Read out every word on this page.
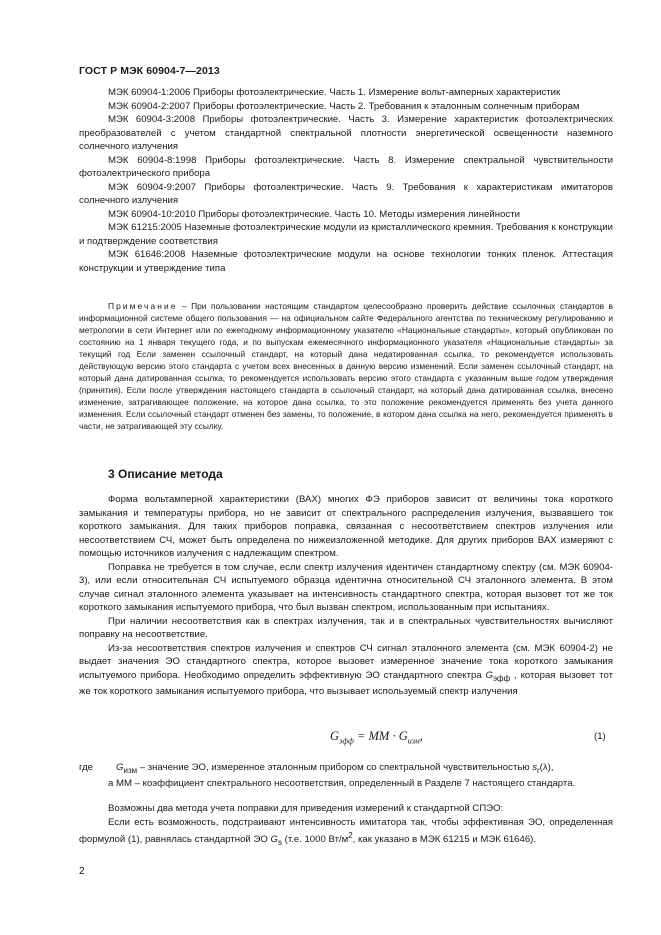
ГОСТ Р МЭК 60904-7—2013

МЭК 60904-1:2006 Приборы фотоэлектрические. Часть 1. Измерение вольт-амперных характеристик

МЭК 60904-2:2007 Приборы фотоэлектрические. Часть 2. Требования к эталонным солнечным приборам

МЭК 60904-3:2008 Приборы фотоэлектрические. Часть 3. Измерение характеристик фотоэлектрических преобразователей с учетом стандартной спектральной плотности энергетической освещенности наземного солнечного излучения

МЭК 60904-8:1998 Приборы фотоэлектрические. Часть 8. Измерение спектральной чувствительности фотоэлектрического прибора

МЭК 60904-9:2007 Приборы фотоэлектрические. Часть 9. Требования к характеристикам имитаторов солнечного излучения

МЭК 60904-10:2010 Приборы фотоэлектрические. Часть 10. Методы измерения линейности

МЭК 61215:2005 Наземные фотоэлектрические модули из кристаллического кремния. Требования к конструкции и подтверждение соответствия

МЭК 61646:2008 Наземные фотоэлектрические модули на основе технологии тонких пленок. Аттестация конструкции и утверждение типа

Примечание – При пользовании настоящим стандартом целесообразно проверить действие ссылочных стандартов в информационной системе общего пользования — на официальном сайте Федерального агентства по техническому регулированию и метрологии в сети Интернет или по ежегодному информационному указателю «Национальные стандарты», который опубликован по состоянию на 1 января текущего года, и по выпускам ежемесячного информационного указателя «Национальные стандарты» за текущий год Если заменен ссылочный стандарт, на который дана недатированная ссылка, то рекомендуется использовать действующую версию этого стандарта с учетом всех внесенных в данную версию изменений. Если заменен ссылочный стандарт, на который дана датированная ссылка, то рекомендуется использовать версию этого стандарта с указанным выше годом утверждения (принятия). Если после утверждения настоящего стандарта в ссылочный стандарт, на который дана датированная ссылка, внесено изменение, затрагивающее положение, на которое дана ссылка, то это положение рекомендуется применять без учета данного изменения. Если ссылочный стандарт отменен без замены, то положение, в котором дана ссылка на него, рекомендуется применять в части, не затрагивающей эту ссылку.

3 Описание метода

Форма вольтамперной характеристики (ВАХ) многих ФЭ приборов зависит от величины тока короткого замыкания и температуры прибора, но не зависит от спектрального распределения излучения, вызвавшего ток короткого замыкания. Для таких приборов поправка, связанная с несоответствием спектров излучения или несоответствием СЧ, может быть определена по нижеизложенной методике. Для других приборов ВАХ измеряют с помощью источников излучения с надлежащим спектром.

Поправка не требуется в том случае, если спектр излучения идентичен стандартному спектру (см. МЭК 60904-3), или если относительная СЧ испытуемого образца идентична относительной СЧ эталонного элемента. В этом случае сигнал эталонного элемента указывает на интенсивность стандартного спектра, которая вызовет тот же ток короткого замыкания испытуемого прибора, что был вызван спектром, использованным при испытаниях.

При наличии несоответствия как в спектрах излучения, так и в спектральных чувствительностях вычисляют поправку на несоответствие.

Из-за несоответствия спектров излучения и спектров СЧ сигнал эталонного элемента (см. МЭК 60904-2) не выдает значения ЭО стандартного спектра, которое вызовет измеренное значение тока короткого замыкания испытуемого прибора. Необходимо определить эффективную ЭО стандартного спектра $G_{эфф}$ , которая вызовет тот же ток короткого замыкания испытуемого прибора, что вызывает используемый спектр излучения

$G_{эфф}$ = MM · $G_{изм}$,	(1)
где	$G_{изм}$ – значение ЭО, измеренное эталонным прибором со спектральной чувствительностью $s_r(\lambda)$,

а ММ – коэффициент спектрального несоответствия, определенный в Разделе 7 настоящего стандарта.

Возможны два метода учета поправки для приведения измерений к стандартной СПЭО:

Если есть возможность, подстраивают интенсивность имитатора так, чтобы эффективная ЭО, определенная формулой (1), равнялась стандартной ЭО $G_s$ (т.е. 1000 $Вт/м^2$, как указано в МЭК 61215 и МЭК 61646).

2
